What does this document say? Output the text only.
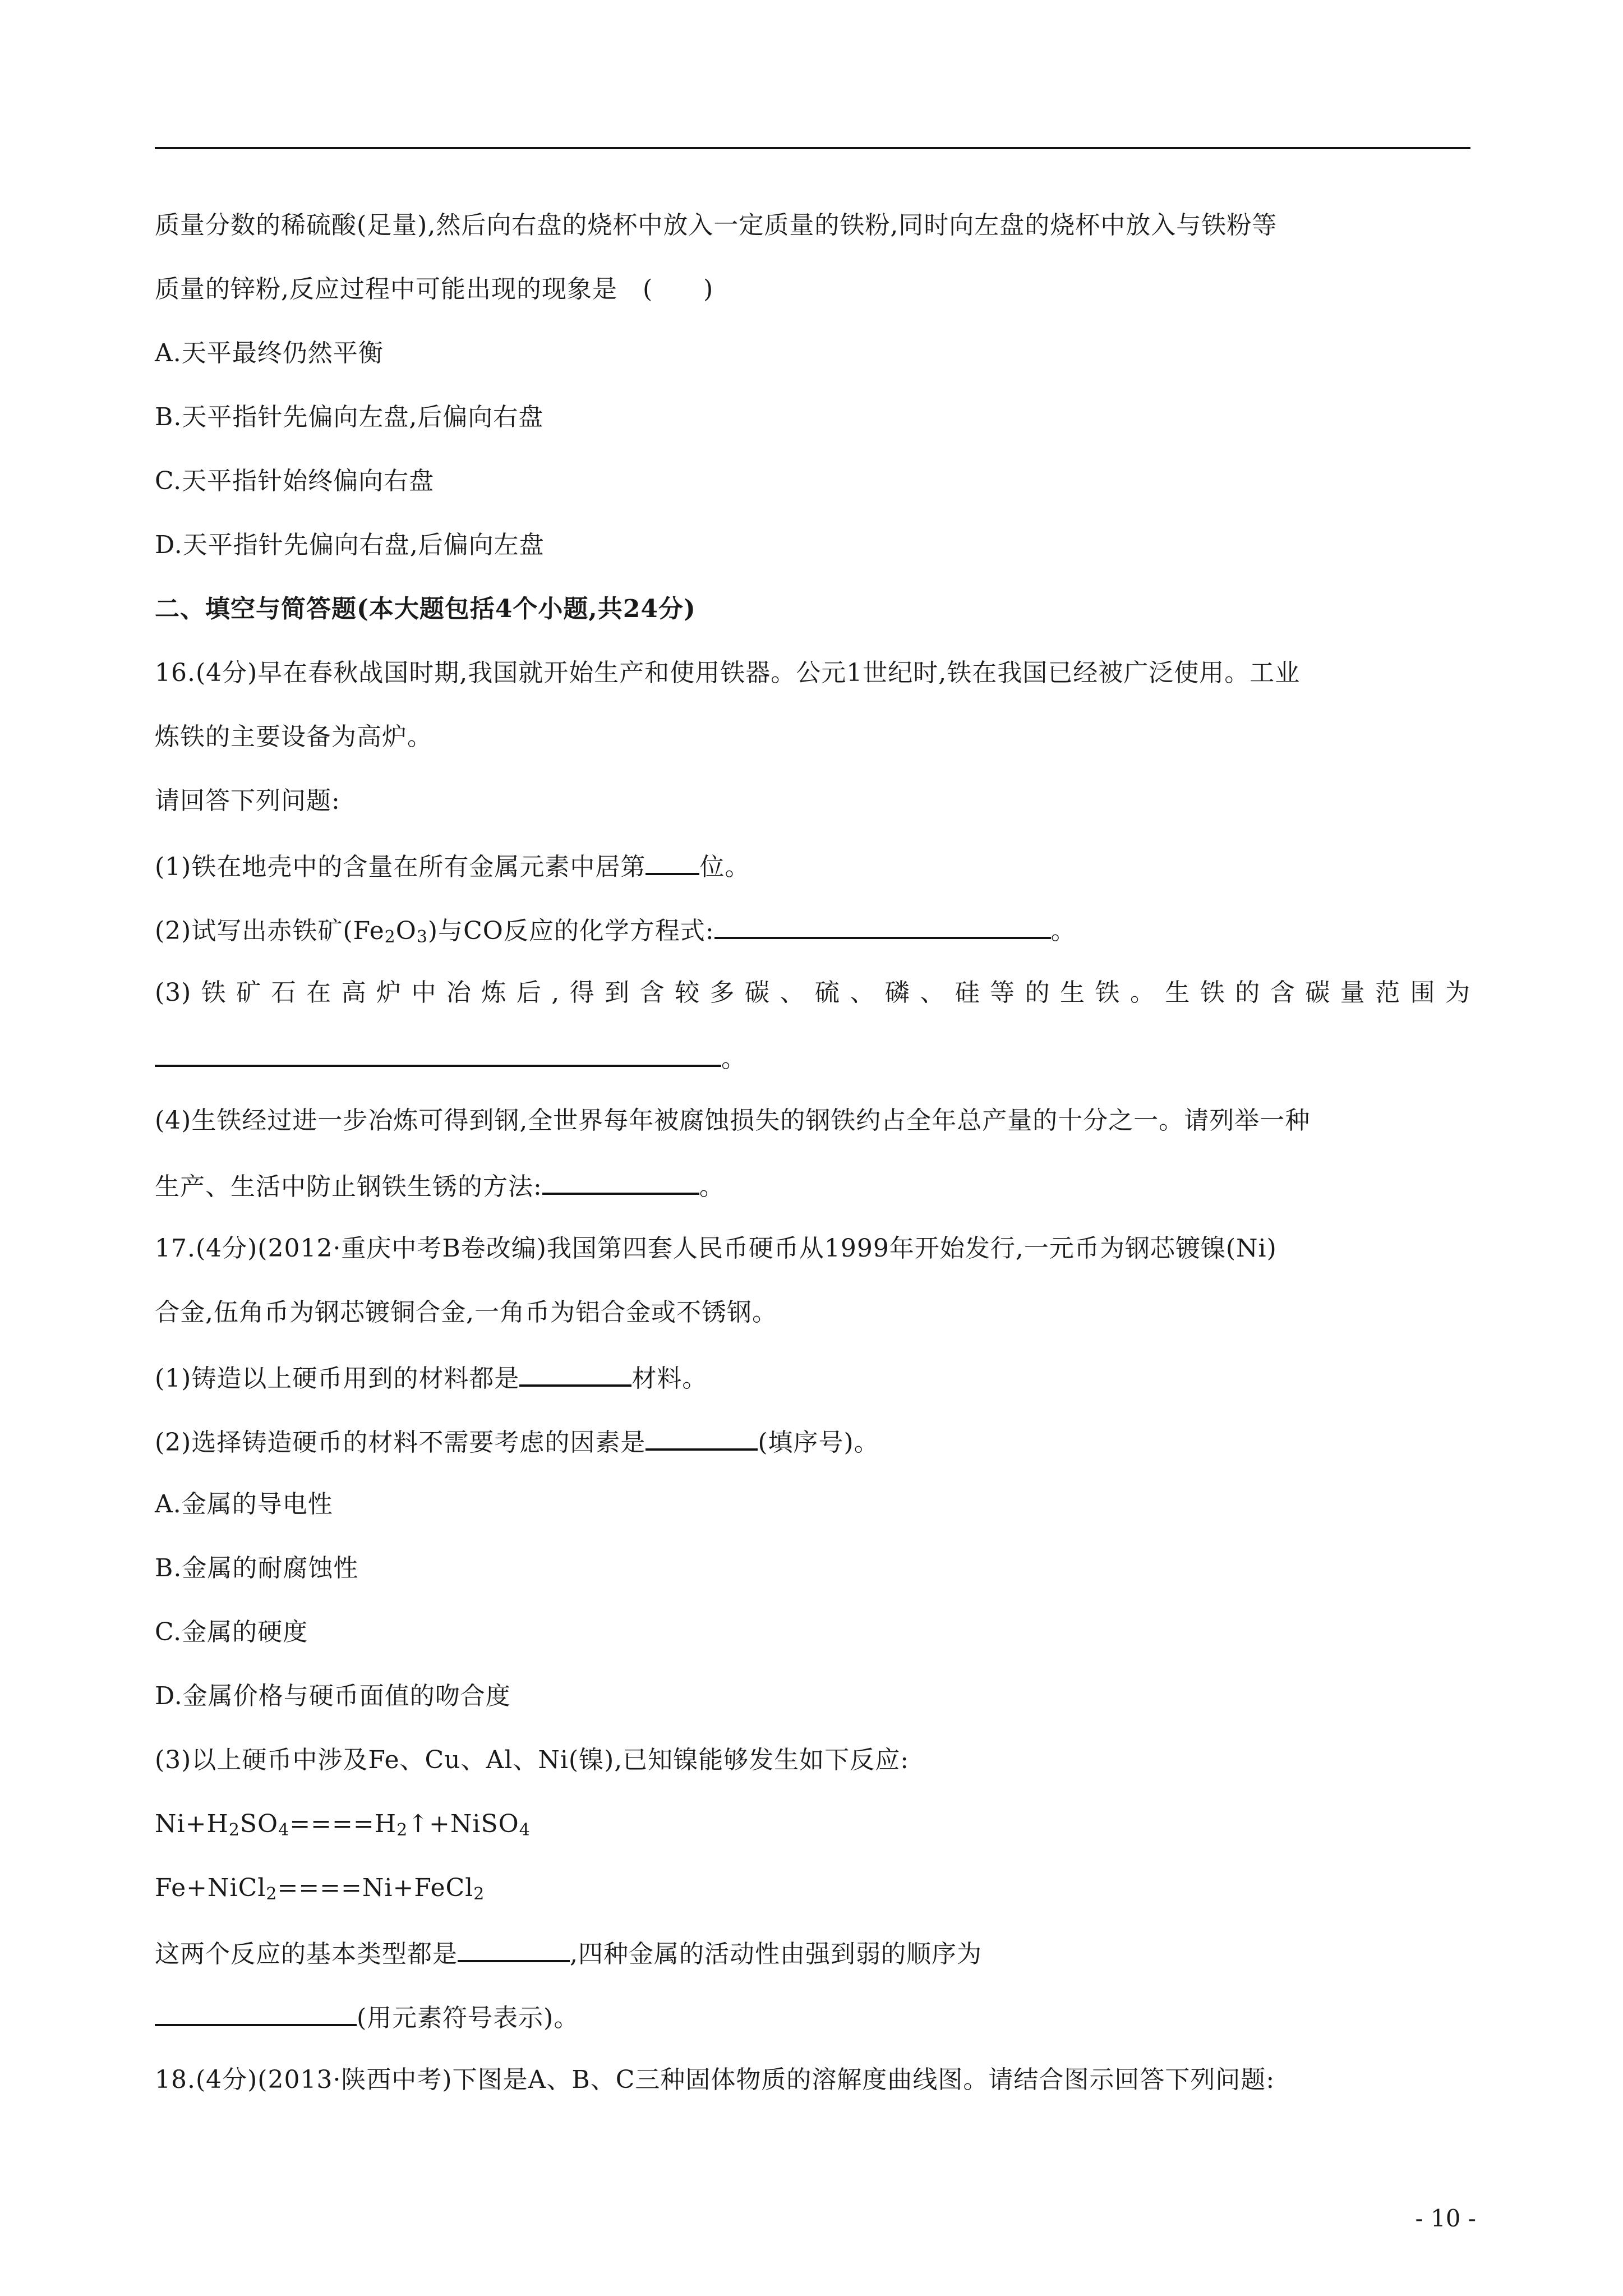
质量分数的稀硫酸(足量),然后向右盘的烧杯中放入一定质量的铁粉,同时向左盘的烧杯中放入与铁粉等
质量的锌粉,反应过程中可能出现的现象是　(　　)
A.天平最终仍然平衡
B.天平指针先偏向左盘,后偏向右盘
C.天平指针始终偏向右盘
D.天平指针先偏向右盘,后偏向左盘
二、填空与简答题(本大题包括4个小题,共24分)
16.(4分)早在春秋战国时期,我国就开始生产和使用铁器。公元1世纪时,铁在我国已经被广泛使用。工业
炼铁的主要设备为高炉。
请回答下列问题:
(1)铁在地壳中的含量在所有金属元素中居第 位。
(2)试写出赤铁矿$(Fe_2O_3)$与CO反应的化学方程式:	。
(3)铁矿石在高炉中冶炼后,得到含较多碳、硫、磷、硅等的生铁。生铁的含碳量范围为
。
(4)生铁经过进一步冶炼可得到钢,全世界每年被腐蚀损失的钢铁约占全年总产量的十分之一。请列举一种
生产、生活中防止钢铁生锈的方法:	。
17.(4分)(2012·重庆中考B卷改编)我国第四套人民币硬币从1999年开始发行,一元币为钢芯镀镍(Ni)
合金,伍角币为钢芯镀铜合金,一角币为铝合金或不锈钢。
(1)铸造以上硬币用到的材料都是	材料。
(2)选择铸造硬币的材料不需要考虑的因素是	(填序号)。
A.金属的导电性
B.金属的耐腐蚀性
C.金属的硬度
D.金属价格与硬币面值的吻合度
(3)以上硬币中涉及Fe、Cu、Al、Ni(镍),已知镍能够发生如下反应:
$Ni+H_2SO_4====H_2↑+NiSO_4$
Fe+NiCl$_2$====Ni+FeCl$_2$
这两个反应的基本类型都是	,四种金属的活动性由强到弱的顺序为
(用元素符号表示)。
18.(4分)(2013·陕西中考)下图是A、B、C三种固体物质的溶解度曲线图。请结合图示回答下列问题:
- 10 -
